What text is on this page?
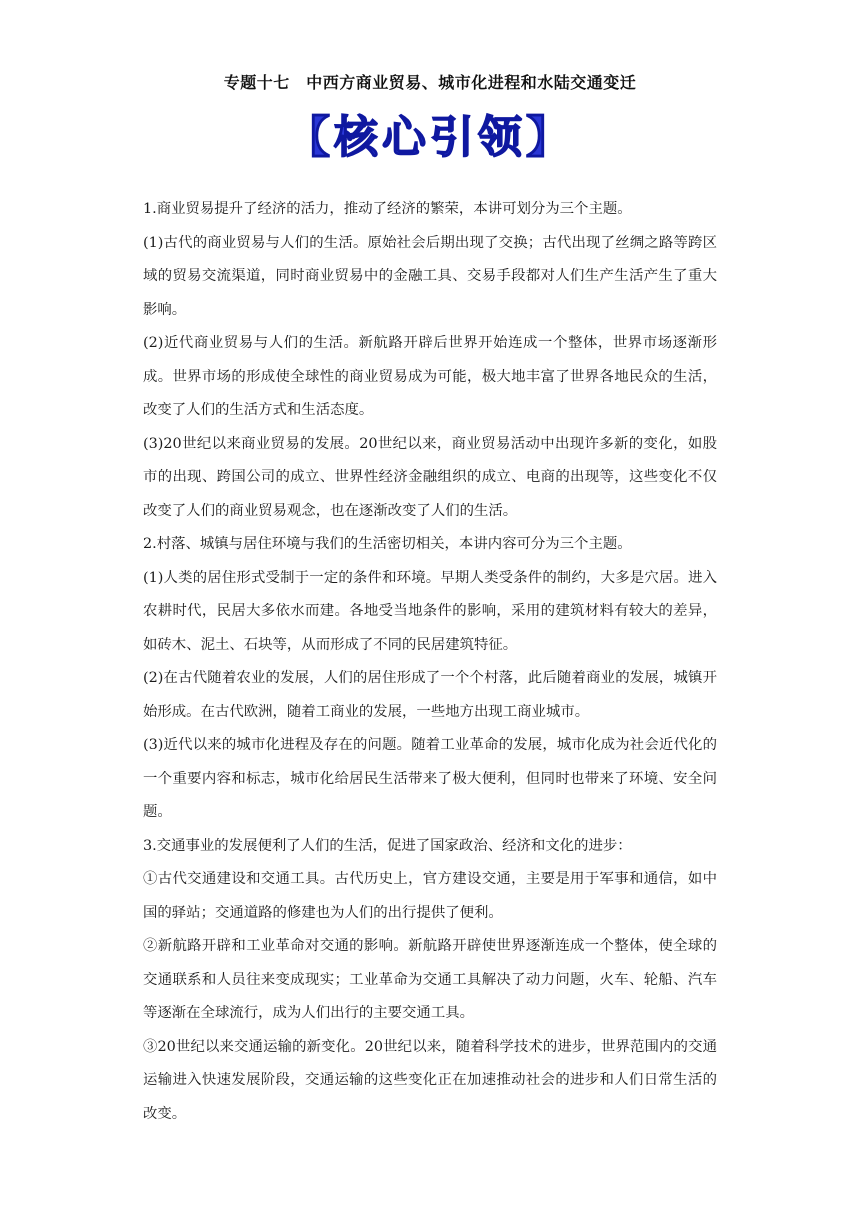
专题十七　中西方商业贸易、城市化进程和水陆交通变迁
【核心引领】

1.商业贸易提升了经济的活力，推动了经济的繁荣，本讲可划分为三个主题。

(1)古代的商业贸易与人们的生活。原始社会后期出现了交换；古代出现了丝绸之路等跨区域的贸易交流渠道，同时商业贸易中的金融工具、交易手段都对人们生产生活产生了重大影响。

(2)近代商业贸易与人们的生活。新航路开辟后世界开始连成一个整体，世界市场逐渐形成。世界市场的形成使全球性的商业贸易成为可能，极大地丰富了世界各地民众的生活，改变了人们的生活方式和生活态度。

(3)20世纪以来商业贸易的发展。20世纪以来，商业贸易活动中出现许多新的变化，如股市的出现、跨国公司的成立、世界性经济金融组织的成立、电商的出现等，这些变化不仅改变了人们的商业贸易观念，也在逐渐改变了人们的生活。

2.村落、城镇与居住环境与我们的生活密切相关，本讲内容可分为三个主题。

(1)人类的居住形式受制于一定的条件和环境。早期人类受条件的制约，大多是穴居。进入农耕时代，民居大多依水而建。各地受当地条件的影响，采用的建筑材料有较大的差异，如砖木、泥土、石块等，从而形成了不同的民居建筑特征。

(2)在古代随着农业的发展，人们的居住形成了一个个村落，此后随着商业的发展，城镇开始形成。在古代欧洲，随着工商业的发展，一些地方出现工商业城市。

(3)近代以来的城市化进程及存在的问题。随着工业革命的发展，城市化成为社会近代化的一个重要内容和标志，城市化给居民生活带来了极大便利，但同时也带来了环境、安全问题。

3.交通事业的发展便利了人们的生活，促进了国家政治、经济和文化的进步：

①古代交通建设和交通工具。古代历史上，官方建设交通，主要是用于军事和通信，如中国的驿站；交通道路的修建也为人们的出行提供了便利。

②新航路开辟和工业革命对交通的影响。新航路开辟使世界逐渐连成一个整体，使全球的交通联系和人员往来变成现实；工业革命为交通工具解决了动力问题，火车、轮船、汽车等逐渐在全球流行，成为人们出行的主要交通工具。

③20世纪以来交通运输的新变化。20世纪以来，随着科学技术的进步，世界范围内的交通运输进入快速发展阶段，交通运输的这些变化正在加速推动社会的进步和人们日常生活的改变。
